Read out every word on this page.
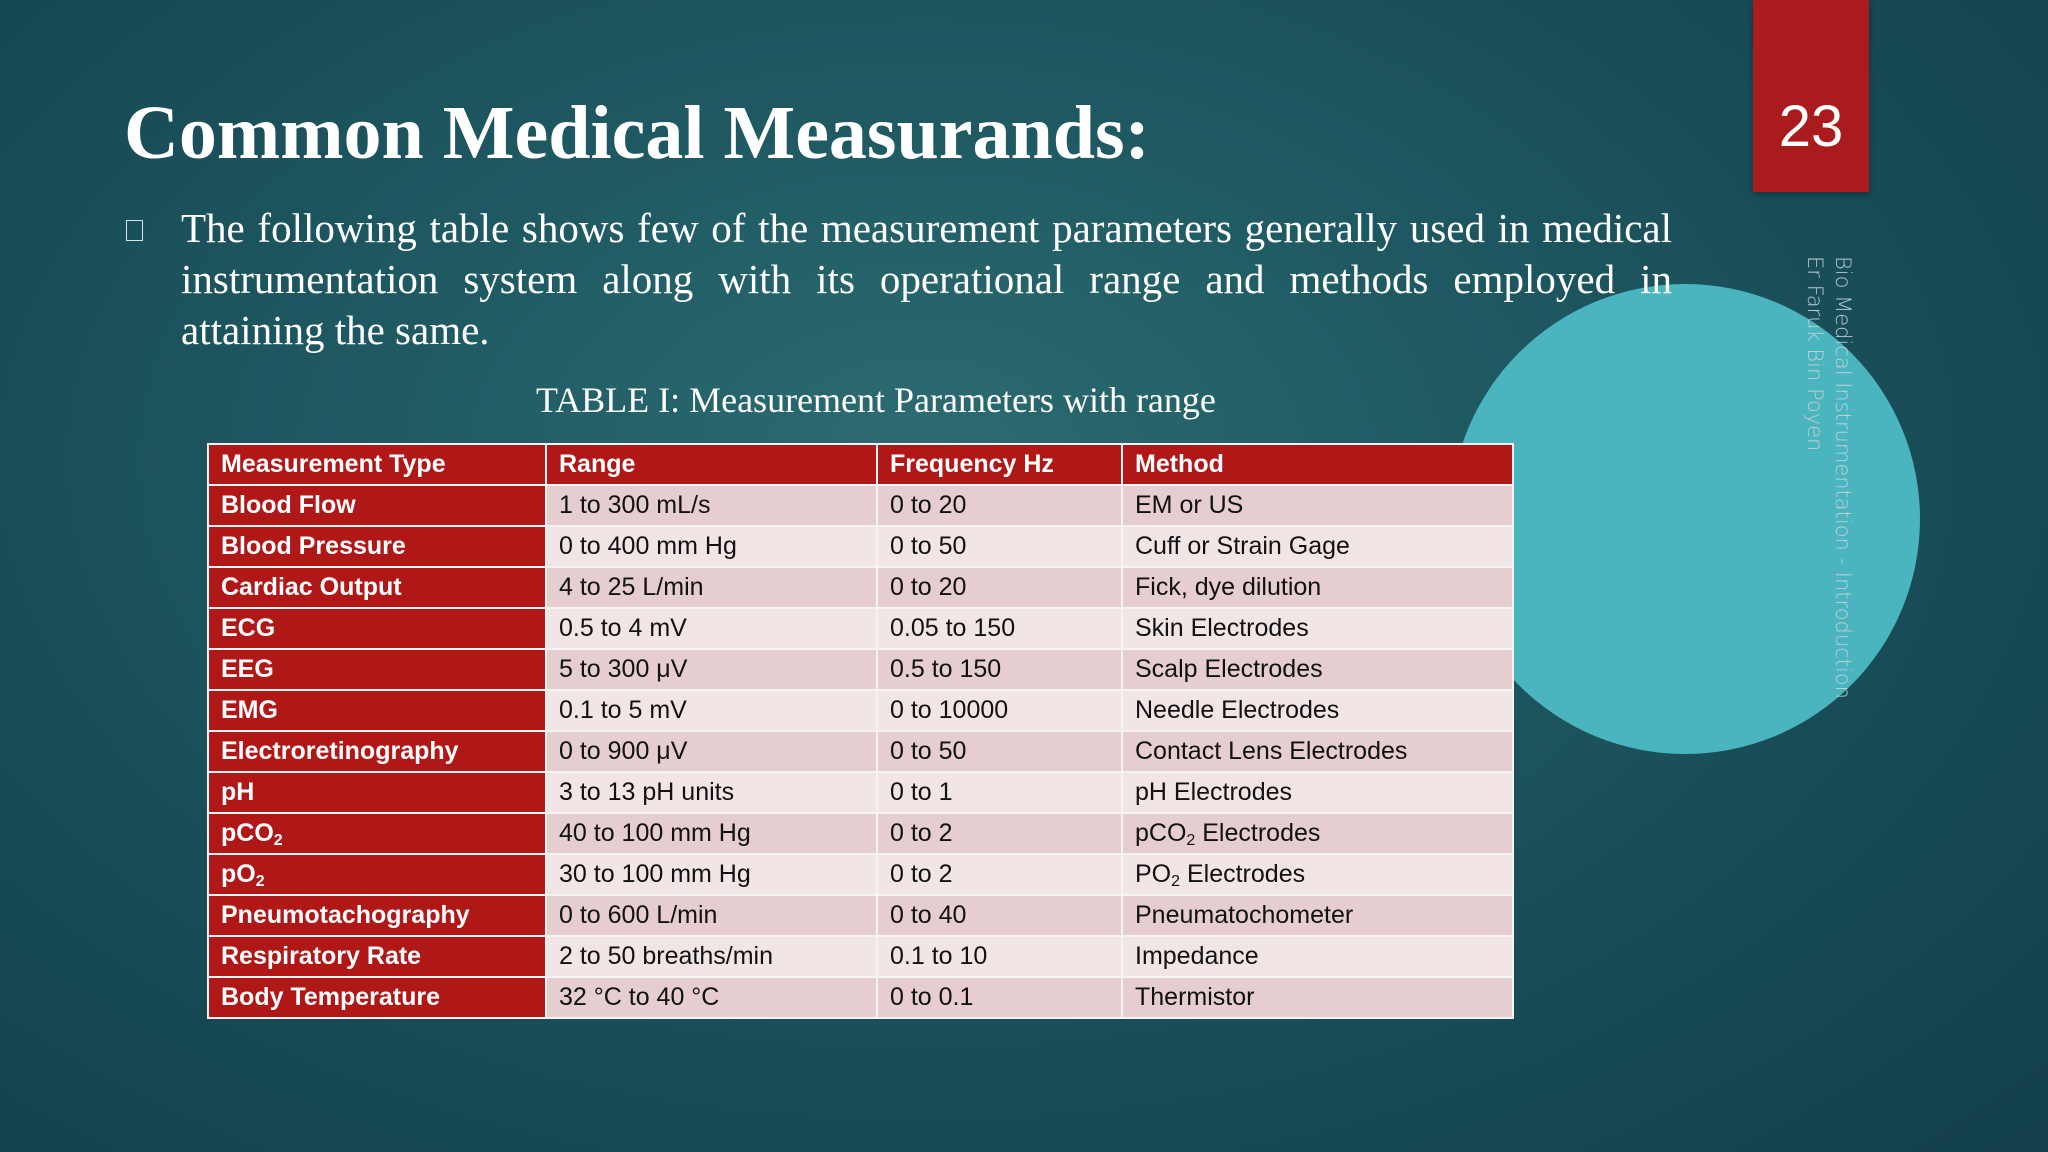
23
Common Medical Measurands:

The following table shows few of the measurement parameters generally used in medical instrumentation system along with its operational range and methods employed in attaining the same.	Bio Medical Instrumentation - Introduction
Er Faruk Bin Poyen

TABLE I: Measurement Parameters with range

Measurement Type	Range	Frequency Hz	Method
Blood Flow	1 to 300 mL/s	0 to 20	EM or US
Blood Pressure	0 to 400 mm Hg	0 to 50	Cuff or Strain Gage
Cardiac Output	4 to 25 L/min	0 to 20	Fick, dye dilution
ECG	0.5 to 4 mV	0.05 to 150	Skin Electrodes
EEG	5 to 300 μV	0.5 to 150	Scalp Electrodes
EMG	0.1 to 5 mV	0 to 10000	Needle Electrodes
Electroretinography	0 to 900 μV	0 to 50	Contact Lens Electrodes
pH	3 to 13 pH units	0 to 1	pH Electrodes
pCO$_2$	40 to 100 mm Hg	0 to 2	pCO$_2$ Electrodes
$pO_2$	30 to 100 mm Hg	0 to 2	$PO_2$ Electrodes
Pneumotachography	0 to 600 L/min	0 to 40	Pneumatochometer
Respiratory Rate	2 to 50 breaths/min	0.1 to 10	Impedance
Body Temperature	32 °C to 40 °C	0 to 0.1	Thermistor
